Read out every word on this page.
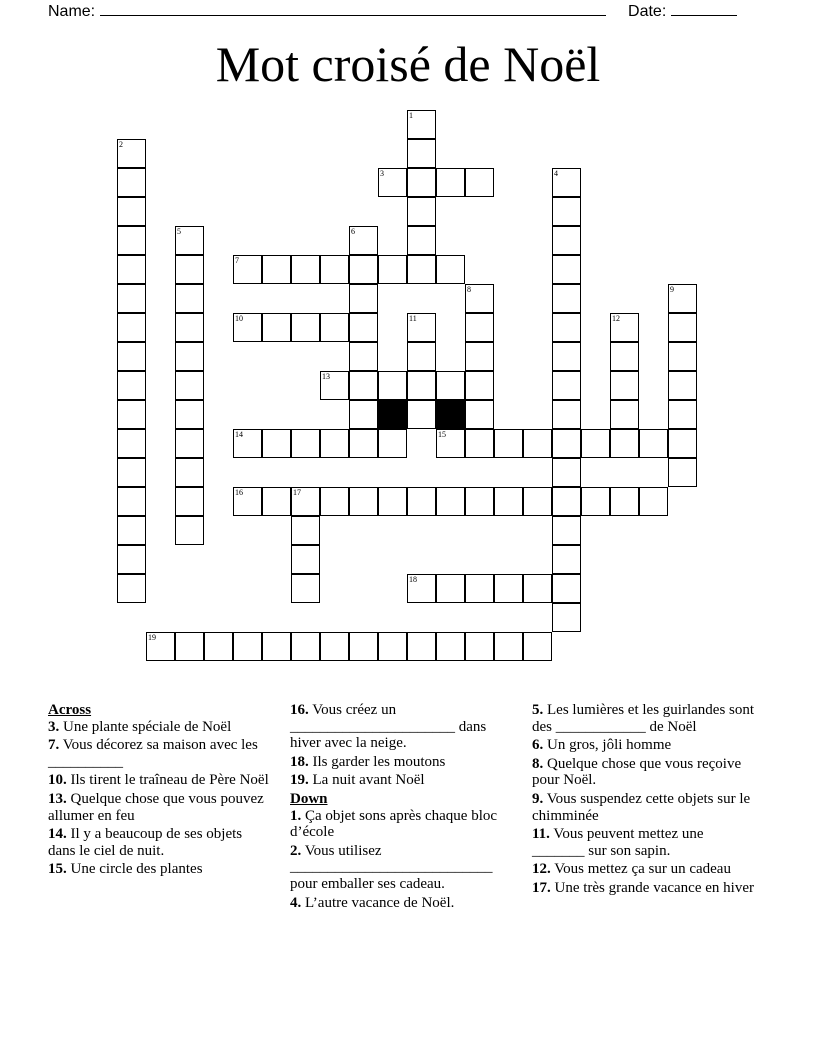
Name:	Date:
Mot croisé de Noël
1
2
3	4
5	6
7
8	9
10	11	12
13
14	15
16	17
18
19
Across
3. Une plante spéciale de Noël
7. Vous décorez sa maison avec les __________
10. Ils tirent le traîneau de Père Noël
13. Quelque chose que vous pouvez allumer en feu
14. Il y a beaucoup de ses objets dans le ciel de nuit.
15. Une circle des plantes
16. Vous créez un ______________________ dans hiver avec la neige.
18. Ils garder les moutons
19. La nuit avant Noël
Down
1. Ça objet sons après chaque bloc d’école
2. Vous utilisez ___________________________ pour emballer ses cadeau.
4. L’autre vacance de Noël.
5. Les lumières et les guirlandes sont des ____________ de Noël
6. Un gros, jôli homme
8. Quelque chose que vous reçoive pour Noël.
9. Vous suspendez cette objets sur le chimminée
11. Vous peuvent mettez une _______ sur son sapin.
12. Vous mettez ça sur un cadeau
17. Une très grande vacance en hiver
